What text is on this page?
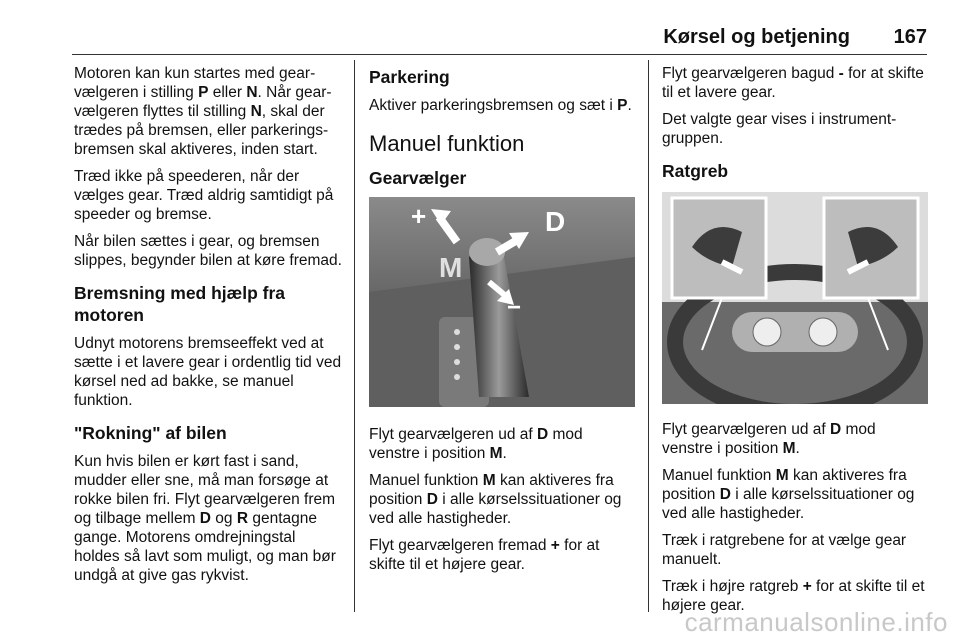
Kørsel og betjening 167

Motoren kan kun startes med gear-vælgeren i stilling P eller N. Når gear-vælgeren flyttes til stilling N, skal der trædes på bremsen, eller parkerings-bremsen skal aktiveres, inden start.

Træd ikke på speederen, når der vælges gear. Træd aldrig samtidigt på speeder og bremse.

Når bilen sættes i gear, og bremsen slippes, begynder bilen at køre fremad.

Bremsning med hjælp fra motoren

Udnyt motorens bremseeffekt ved at sætte i et lavere gear i ordentlig tid ved kørsel ned ad bakke, se manuel funktion.

"Rokning" af bilen

Kun hvis bilen er kørt fast i sand, mudder eller sne, må man forsøge at rokke bilen fri. Flyt gearvælgeren frem og tilbage mellem D og R gentagne gange. Motorens omdrejningstal holdes så lavt som muligt, og man bør undgå at give gas rykvist.

Parkering

Aktiver parkeringsbremsen og sæt i P.

Manuel funktion
Gearvælger
+	D
M
−

Flyt gearvælgeren ud af D mod venstre i position M.

Manuel funktion M kan aktiveres fra position D i alle kørselssituationer og ved alle hastigheder.

Flyt gearvælgeren fremad + for at skifte til et højere gear.

Flyt gearvælgeren bagud - for at skifte til et lavere gear.

Det valgte gear vises i instrument-gruppen.

Ratgreb

Flyt gearvælgeren ud af D mod venstre i position M.

Manuel funktion M kan aktiveres fra position D i alle kørselssituationer og ved alle hastigheder.

Træk i ratgrebene for at vælge gear manuelt.

Træk i højre ratgreb + for at skifte til et højere gear.

carmanualsonline.info
